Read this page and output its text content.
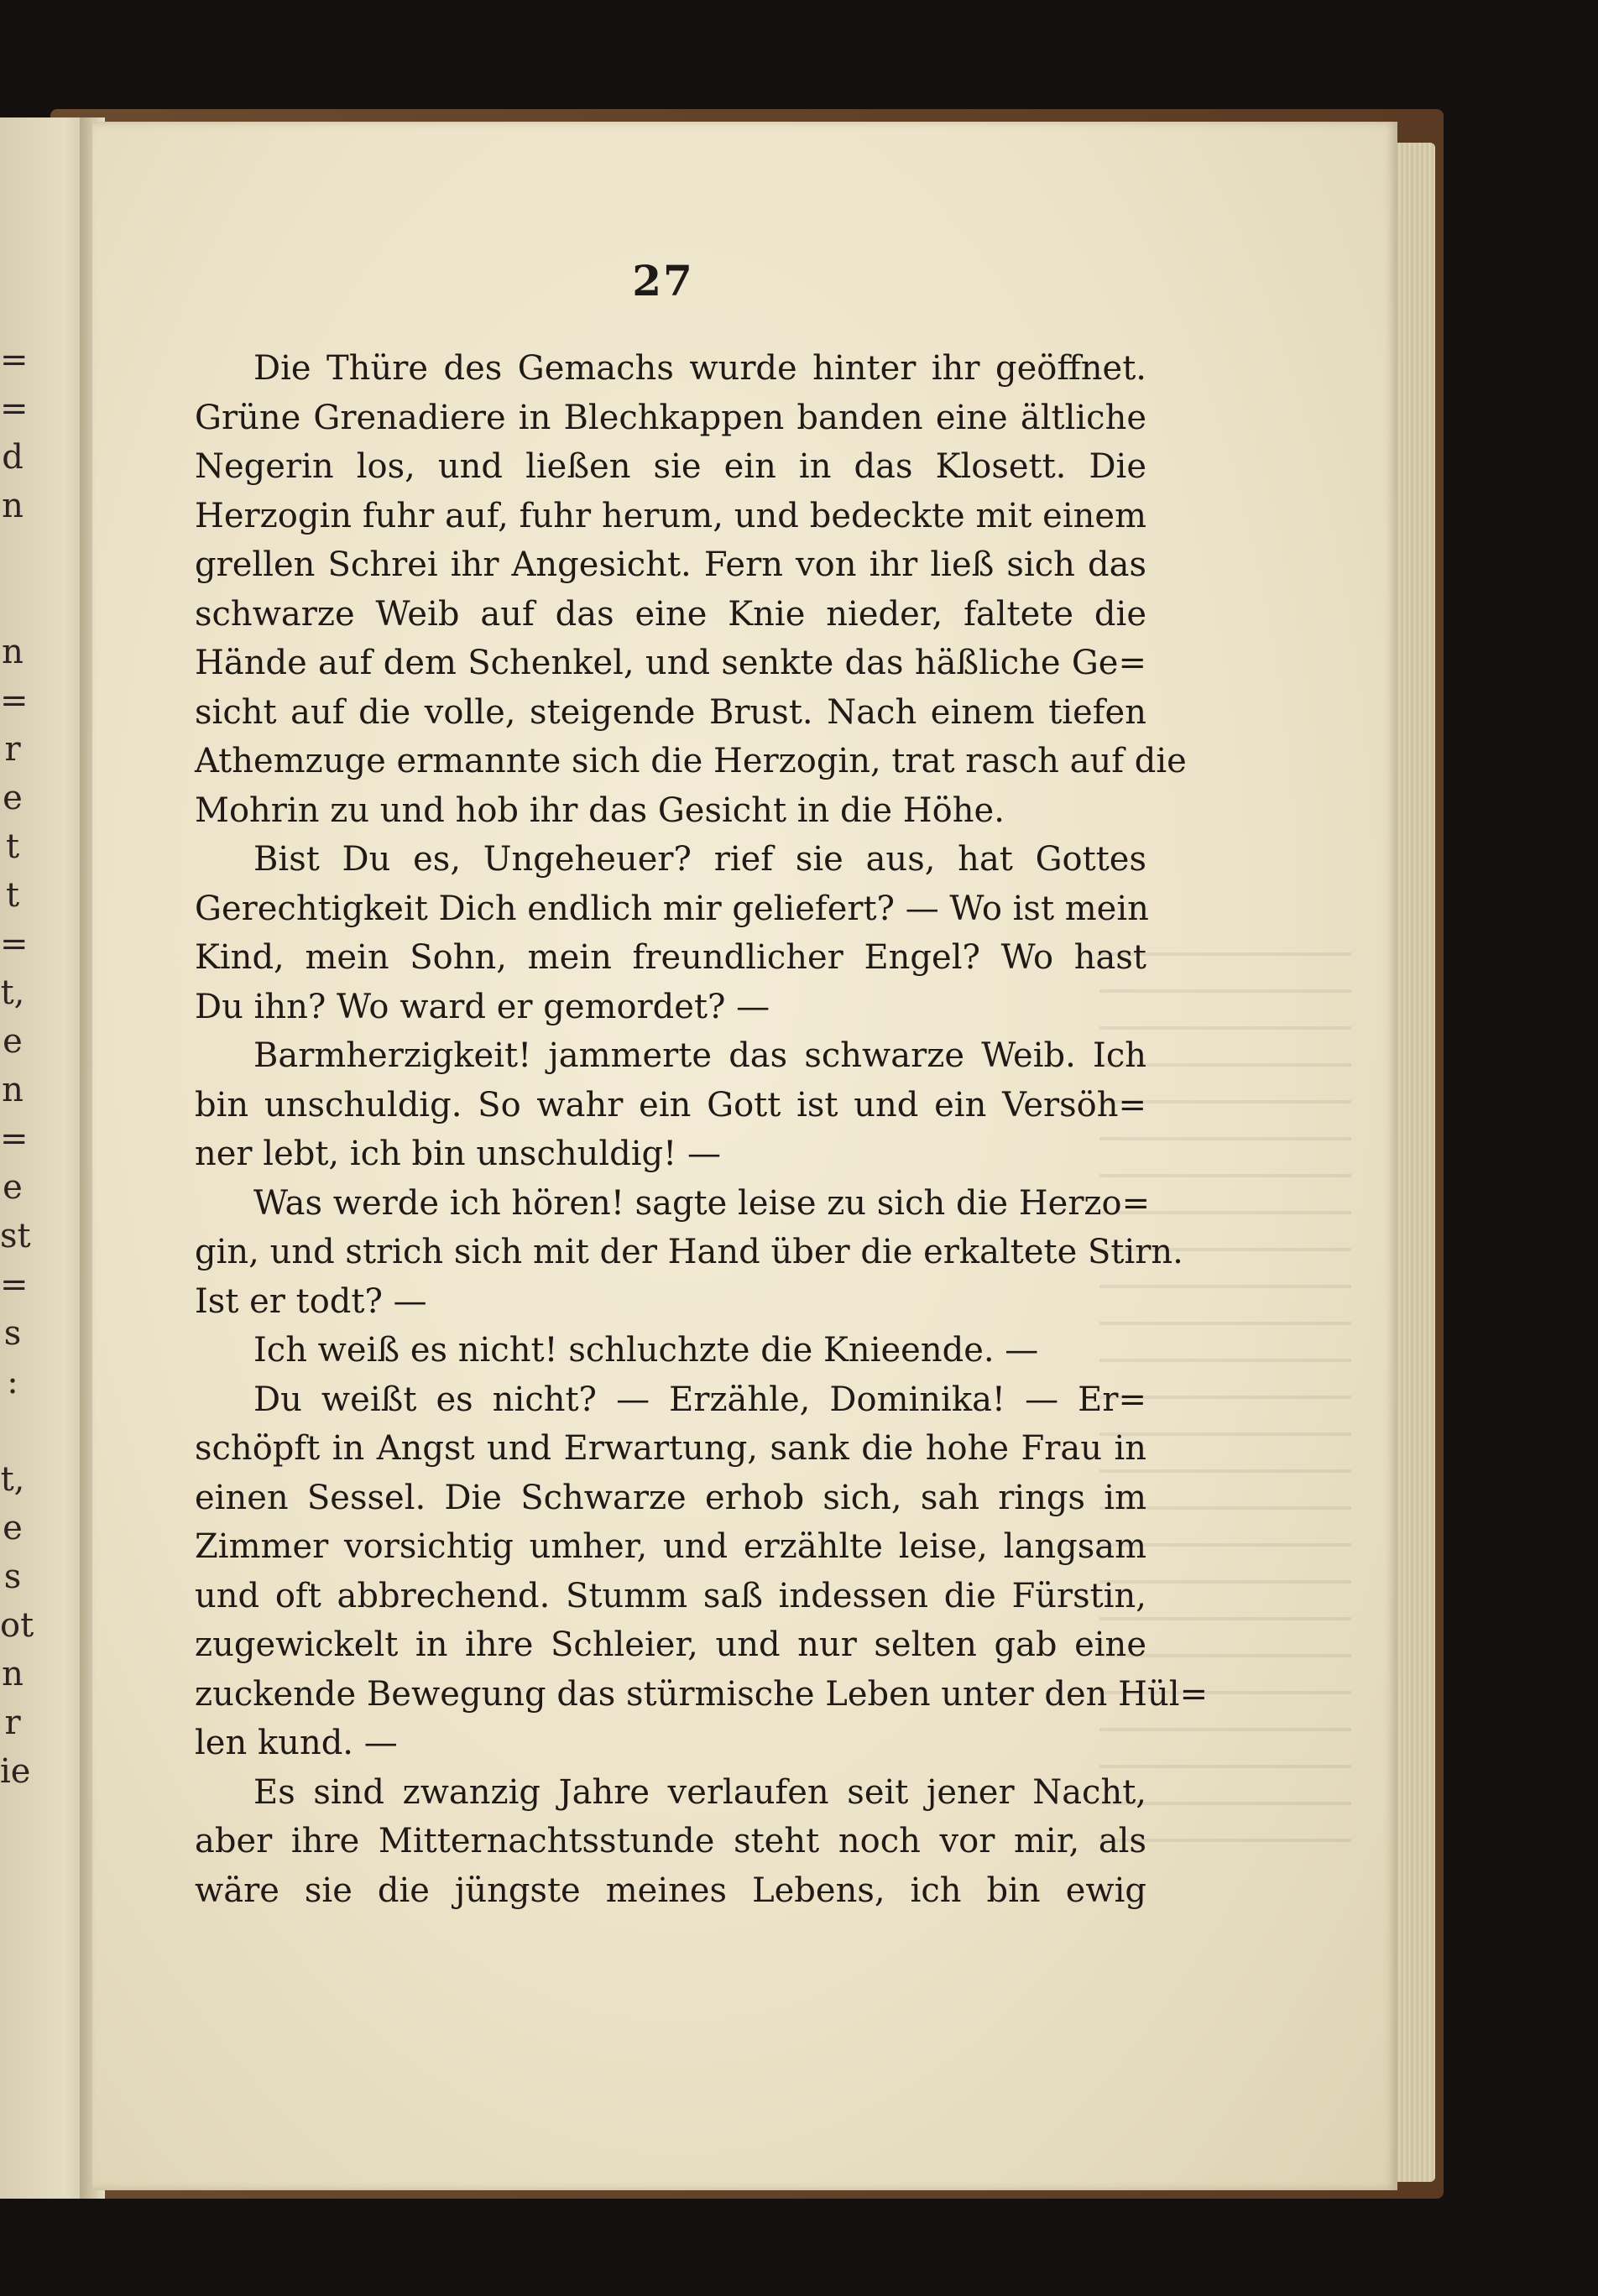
=
=
d
n
n
=
r
e
t
t
=
t,
e
n
=
e
st
=
s
:
t,
e
s
ot
n
r
ie
27
Die Thüre des Gemachs wurde hinter ihr geöffnet.
Grüne Grenadiere in Blechkappen banden eine ältliche
Negerin los, und ließen sie ein in das Klosett. Die
Herzogin fuhr auf, fuhr herum, und bedeckte mit einem
grellen Schrei ihr Angesicht. Fern von ihr ließ sich das
schwarze Weib auf das eine Knie nieder, faltete die
Hände auf dem Schenkel, und senkte das häßliche Ge=
sicht auf die volle, steigende Brust. Nach einem tiefen
Athemzuge ermannte sich die Herzogin, trat rasch auf die
Mohrin zu und hob ihr das Gesicht in die Höhe.
Bist Du es, Ungeheuer? rief sie aus, hat Gottes
Gerechtigkeit Dich endlich mir geliefert? — Wo ist mein
Kind, mein Sohn, mein freundlicher Engel? Wo hast
Du ihn? Wo ward er gemordet? —
Barmherzigkeit! jammerte das schwarze Weib. Ich
bin unschuldig. So wahr ein Gott ist und ein Versöh=
ner lebt, ich bin unschuldig! —
Was werde ich hören! sagte leise zu sich die Herzo=
gin, und strich sich mit der Hand über die erkaltete Stirn.
Ist er todt? —
Ich weiß es nicht! schluchzte die Knieende. —
Du weißt es nicht? — Erzähle, Dominika! — Er=
schöpft in Angst und Erwartung, sank die hohe Frau in
einen Sessel. Die Schwarze erhob sich, sah rings im
Zimmer vorsichtig umher, und erzählte leise, langsam
und oft abbrechend. Stumm saß indessen die Fürstin,
zugewickelt in ihre Schleier, und nur selten gab eine
zuckende Bewegung das stürmische Leben unter den Hül=
len kund. —
Es sind zwanzig Jahre verlaufen seit jener Nacht,
aber ihre Mitternachtsstunde steht noch vor mir, als
wäre sie die jüngste meines Lebens, ich bin ewig
